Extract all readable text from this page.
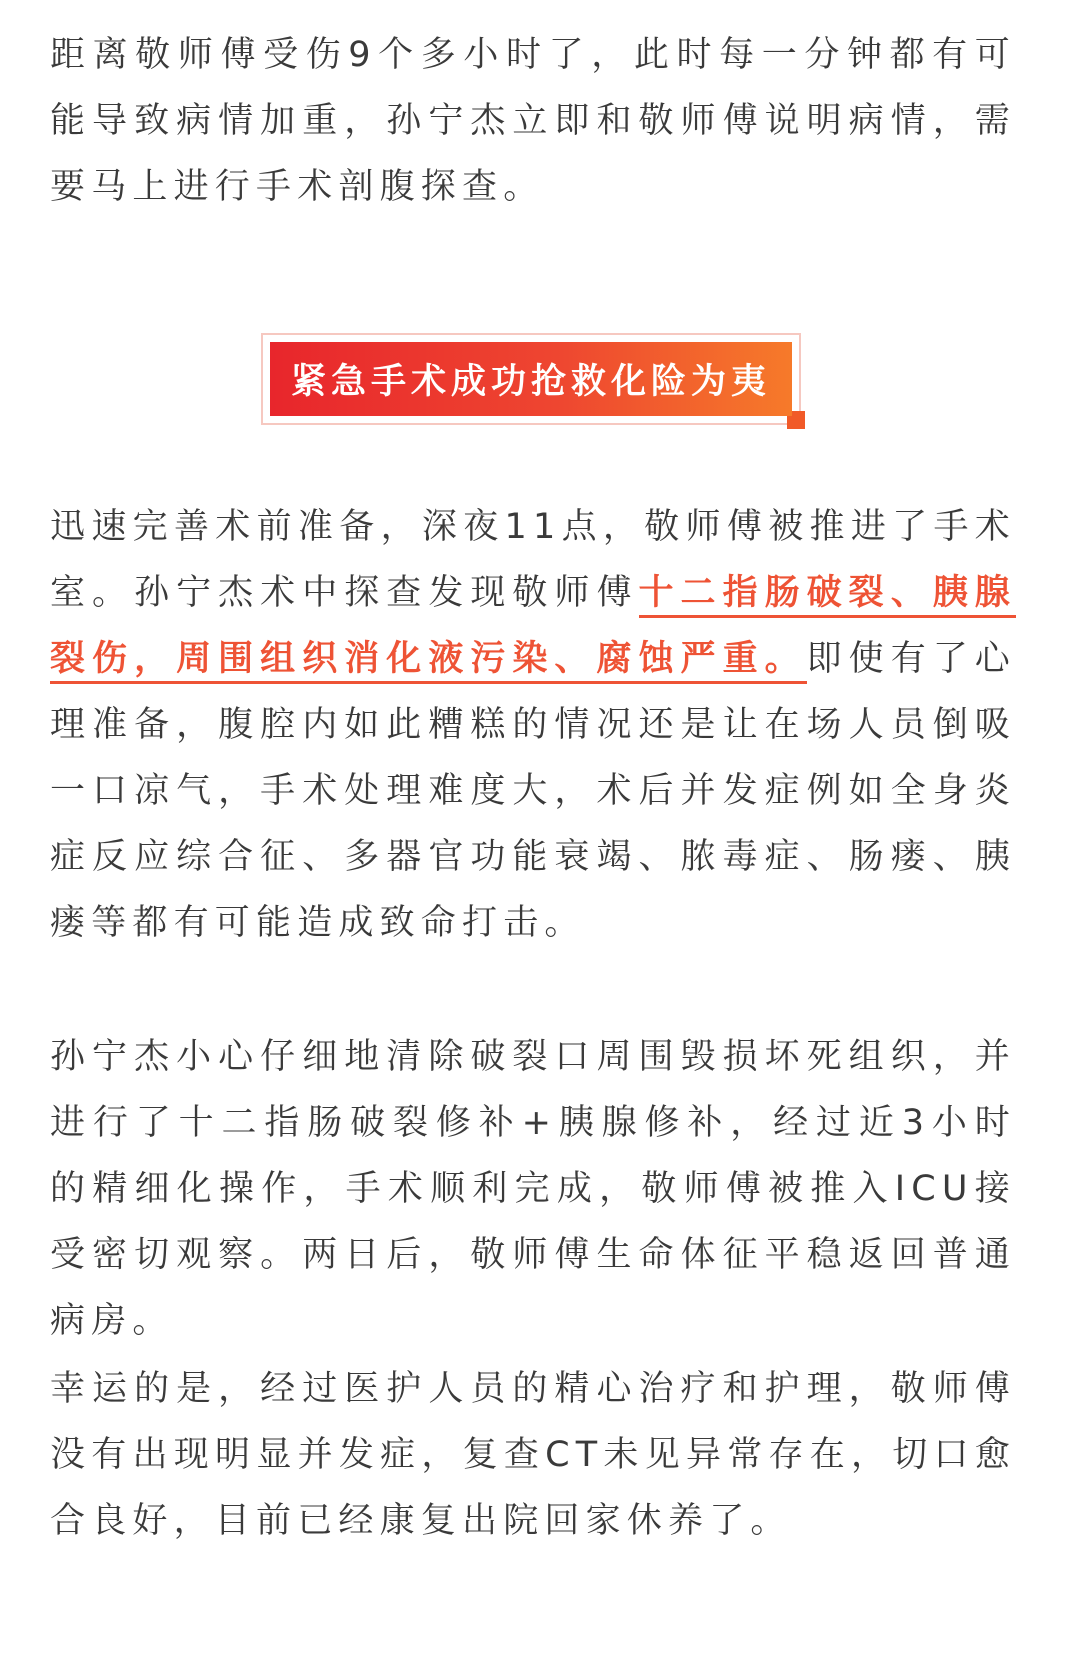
距离敬师傅受伤9个多小时了，此时每一分钟都有可能导致病情加重，孙宁杰立即和敬师傅说明病情，需要马上进行手术剖腹探查。

紧急手术成功抢救化险为夷

迅速完善术前准备，深夜11点，敬师傅被推进了手术室。孙宁杰术中探查发现敬师傅十二指肠破裂、胰腺裂伤，周围组织消化液污染、腐蚀严重。即使有了心理准备，腹腔内如此糟糕的情况还是让在场人员倒吸一口凉气，手术处理难度大，术后并发症例如全身炎症反应综合征、多器官功能衰竭、脓毒症、肠瘘、胰瘘等都有可能造成致命打击。

孙宁杰小心仔细地清除破裂口周围毁损坏死组织，并进行了十二指肠破裂修补+胰腺修补，经过近3小时的精细化操作，手术顺利完成，敬师傅被推入ICU接受密切观察。两日后，敬师傅生命体征平稳返回普通病房。

幸运的是，经过医护人员的精心治疗和护理，敬师傅没有出现明显并发症，复查CT未见异常存在，切口愈合良好，目前已经康复出院回家休养了。
